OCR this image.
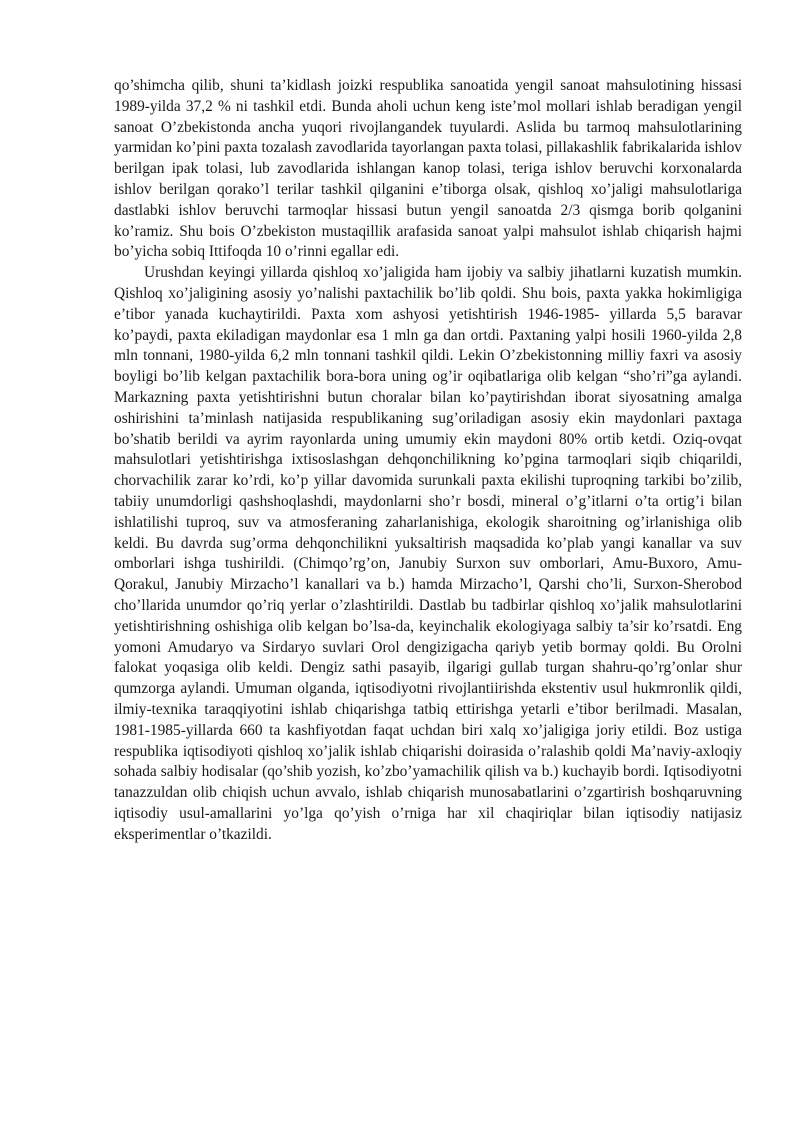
qo’shimcha qilib, shuni ta’kidlash joizki respublika sanoatida yengil sanoat mahsulotining hissasi 1989-yilda 37,2 % ni tashkil etdi. Bunda aholi uchun keng iste’mol mollari ishlab beradigan yengil sanoat O’zbekistonda ancha yuqori rivojlangandek tuyulardi. Aslida bu tarmoq mahsulotlarining yarmidan ko’pini paxta tozalash zavodlarida tayorlangan paxta tolasi, pillakashlik fabrikalarida ishlov berilgan ipak tolasi, lub zavodlarida ishlangan kanop tolasi, teriga ishlov beruvchi korxonalarda ishlov berilgan qorako’l terilar tashkil qilganini e’tiborga olsak, qishloq xo’jaligi mahsulotlariga dastlabki ishlov beruvchi tarmoqlar hissasi butun yengil sanoatda 2/3 qismga borib qolganini ko’ramiz. Shu bois O’zbekiston mustaqillik arafasida sanoat yalpi mahsulot ishlab chiqarish hajmi bo’yicha sobiq Ittifoqda 10 o’rinni egallar edi.

Urushdan keyingi yillarda qishloq xo’jaligida ham ijobiy va salbiy jihatlarni kuzatish mumkin. Qishloq xo’jaligining asosiy yo’nalishi paxtachilik bo’lib qoldi. Shu bois, paxta yakka hokimligiga e’tibor yanada kuchaytirildi. Paxta xom ashyosi yetishtirish 1946-1985- yillarda 5,5 baravar ko’paydi, paxta ekiladigan maydonlar esa 1 mln ga dan ortdi. Paxtaning yalpi hosili 1960-yilda 2,8 mln tonnani, 1980-yilda 6,2 mln tonnani tashkil qildi. Lekin O’zbekistonning milliy faxri va asosiy boyligi bo’lib kelgan paxtachilik bora-bora uning og’ir oqibatlariga olib kelgan “sho’ri”ga aylandi. Markazning paxta yetishtirishni butun choralar bilan ko’paytirishdan iborat siyosatning amalga oshirishini ta’minlash natijasida respublikaning sug’oriladigan asosiy ekin maydonlari paxtaga bo’shatib berildi va ayrim rayonlarda uning umumiy ekin maydoni 80% ortib ketdi. Oziq-ovqat mahsulotlari yetishtirishga ixtisoslashgan dehqonchilikning ko’pgina tarmoqlari siqib chiqarildi, chorvachilik zarar ko’rdi, ko’p yillar davomida surunkali paxta ekilishi tuproqning tarkibi bo’zilib, tabiiy unumdorligi qashshoqlashdi, maydonlarni sho’r bosdi, mineral o’g’itlarni o’ta ortig’i bilan ishlatilishi tuproq, suv va atmosferaning zaharlanishiga, ekologik sharoitning og’irlanishiga olib keldi. Bu davrda sug’orma dehqonchilikni yuksaltirish maqsadida ko’plab yangi kanallar va suv omborlari ishga tushirildi. (Chimqo’rg’on, Janubiy Surxon suv omborlari, Amu-Buxoro, Amu-Qorakul, Janubiy Mirzacho’l kanallari va b.) hamda Mirzacho’l, Qarshi cho’li, Surxon-Sherobod cho’llarida unumdor qo’riq yerlar o’zlashtirildi. Dastlab bu tadbirlar qishloq xo’jalik mahsulotlarini yetishtirishning oshishiga olib kelgan bo’lsa-da, keyinchalik ekologiyaga salbiy ta’sir ko’rsatdi. Eng yomoni Amudaryo va Sirdaryo suvlari Orol dengizigacha qariyb yetib bormay qoldi. Bu Orolni falokat yoqasiga olib keldi. Dengiz sathi pasayib, ilgarigi gullab turgan shahru-qo’rg’onlar shur qumzorga aylandi. Umuman olganda, iqtisodiyotni rivojlantiirishda ekstentiv usul hukmronlik qildi, ilmiy-texnika taraqqiyotini ishlab chiqarishga tatbiq ettirishga yetarli e’tibor berilmadi. Masalan, 1981-1985-yillarda 660 ta kashfiyotdan faqat uchdan biri xalq xo’jaligiga joriy etildi. Boz ustiga respublika iqtisodiyoti qishloq xo’jalik ishlab chiqarishi doirasida o’ralashib qoldi Ma’naviy-axloqiy sohada salbiy hodisalar (qo’shib yozish, ko’zbo’yamachilik qilish va b.) kuchayib bordi. Iqtisodiyotni tanazzuldan olib chiqish uchun avvalo, ishlab chiqarish munosabatlarini o’zgartirish boshqaruvning iqtisodiy usul-amallarini yo’lga qo’yish o’rniga har xil chaqiriqlar bilan iqtisodiy natijasiz eksperimentlar o’tkazildi.
